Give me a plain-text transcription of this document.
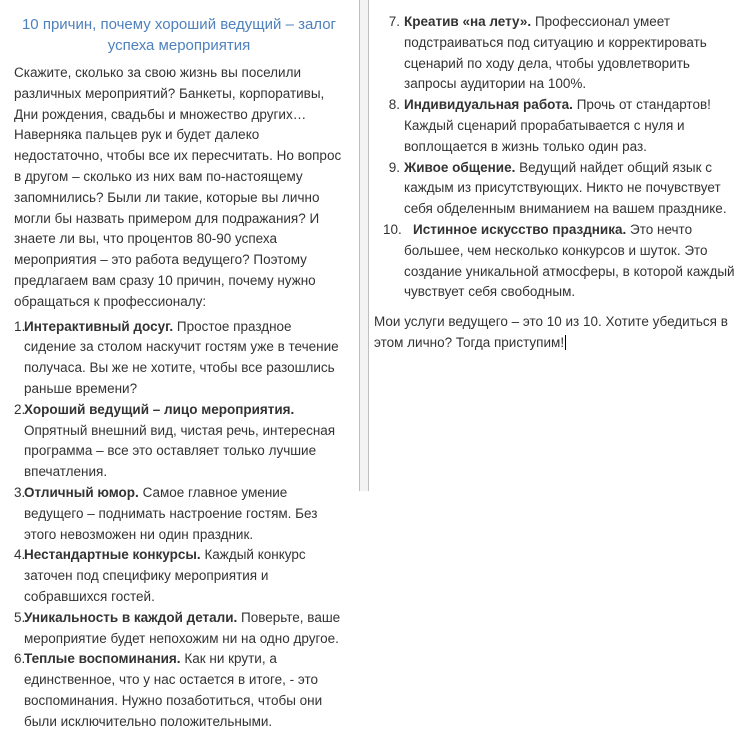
10 причин, почему хороший ведущий – залог успеха мероприятия
Скажите, сколько за свою жизнь вы поселили различных мероприятий? Банкеты, корпоративы, Дни рождения, свадьбы и множество других… Наверняка пальцев рук и будет далеко недостаточно, чтобы все их пересчитать. Но вопрос в другом – сколько из них вам по-настоящему запомнились? Были ли такие, которые вы лично могли бы назвать примером для подражания? И знаете ли вы, что процентов 80-90 успеха мероприятия – это работа ведущего? Поэтому предлагаем вам сразу 10 причин, почему нужно обращаться к профессионалу:
1.Интерактивный досуг. Простое праздное сидение за столом наскучит гостям уже в течение получаса. Вы же не хотите, чтобы все разошлись раньше времени?
2.Хороший ведущий – лицо мероприятия. Опрятный внешний вид, чистая речь, интересная программа – все это оставляет только лучшие впечатления.
3.Отличный юмор. Самое главное умение ведущего – поднимать настроение гостям. Без этого невозможен ни один праздник.
4.Нестандартные конкурсы. Каждый конкурс заточен под специфику мероприятия и собравшихся гостей.
5.Уникальность в каждой детали. Поверьте, ваше мероприятие будет непохожим ни на одно другое.
6.Теплые воспоминания. Как ни крути, а единственное, что у нас остается в итоге, - это воспоминания. Нужно позаботиться, чтобы они были исключительно положительными.
7. Креатив «на лету». Профессионал умеет подстраиваться под ситуацию и корректировать сценарий по ходу дела, чтобы удовлетворить запросы аудитории на 100%.
8. Индивидуальная работа. Прочь от стандартов! Каждый сценарий прорабатывается с нуля и воплощается в жизнь только один раз.
9. Живое общение. Ведущий найдет общий язык с каждым из присутствующих. Никто не почувствует себя обделенным вниманием на вашем празднике.
10. Истинное искусство праздника. Это нечто большее, чем несколько конкурсов и шуток. Это создание уникальной атмосферы, в которой каждый чувствует себя свободным.
Мои услуги ведущего – это 10 из 10. Хотите убедиться в этом лично? Тогда приступим!
